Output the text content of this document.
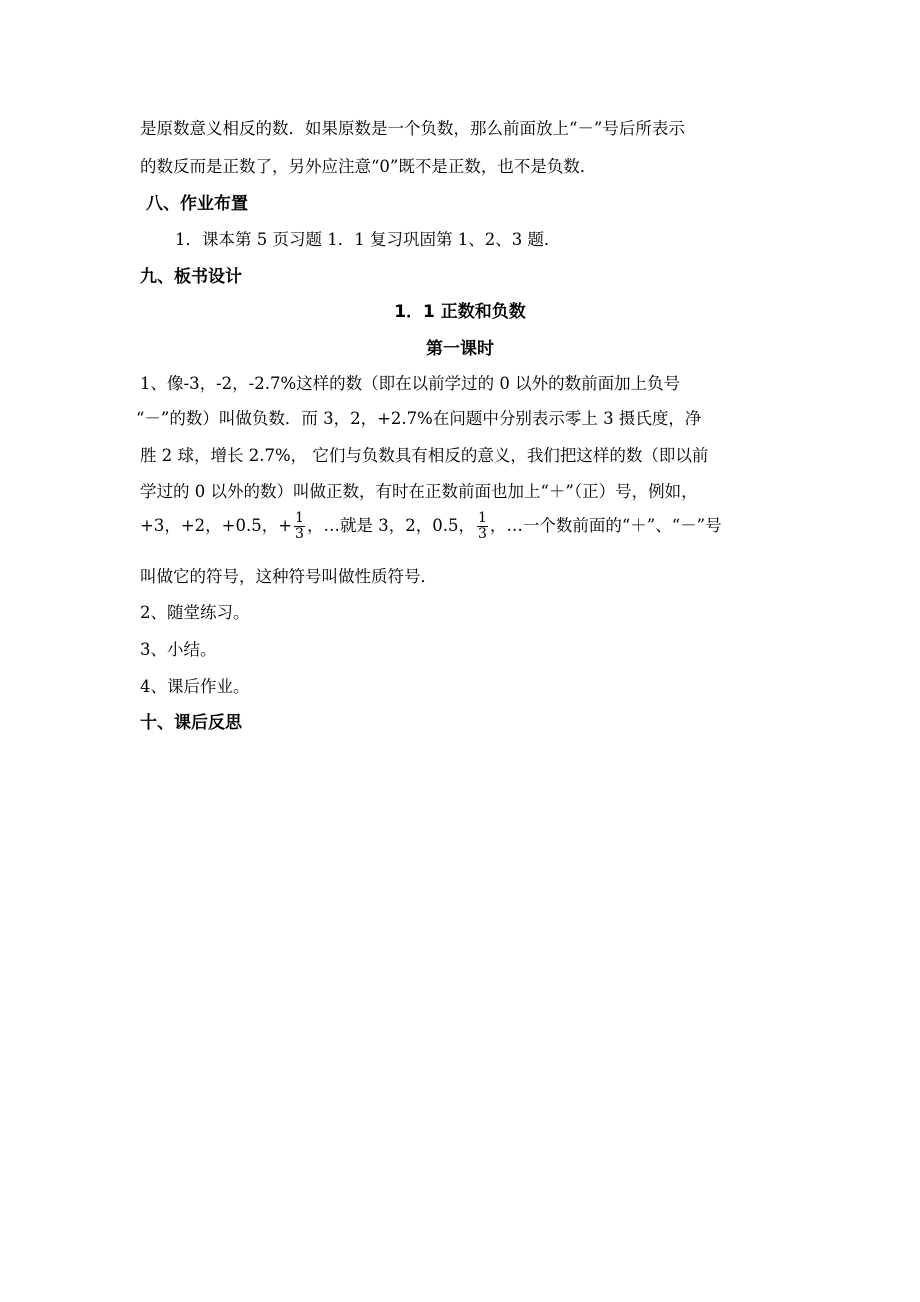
是原数意义相反的数．如果原数是一个负数，那么前面放上“－”号后所表示
的数反而是正数了，另外应注意“0”既不是正数，也不是负数．
八、作业布置
1．课本第 5 页习题 1．1 复习巩固第 1、2、3 题．
九、板书设计
1．1 正数和负数
第一课时
1、像-3，-2，-2.7%这样的数（即在以前学过的 0 以外的数前面加上负号
“－”的数）叫做负数．而 3，2，+2.7%在问题中分别表示零上 3 摄氏度，净
胜 2 球，增长 2.7%， 它们与负数具有相反的意义，我们把这样的数（即以前
学过的 0 以外的数）叫做正数，有时在正数前面也加上“＋”（正）号，例如，
+3，+2，+0.5，+ $\frac{1}{3}$ ，…就是 3，2，0.5， $\frac{1}{3}$ ，…一个数前面的“＋”、“－”号
叫做它的符号，这种符号叫做性质符号．
2、随堂练习。
3、小结。
4、课后作业。
十、课后反思
